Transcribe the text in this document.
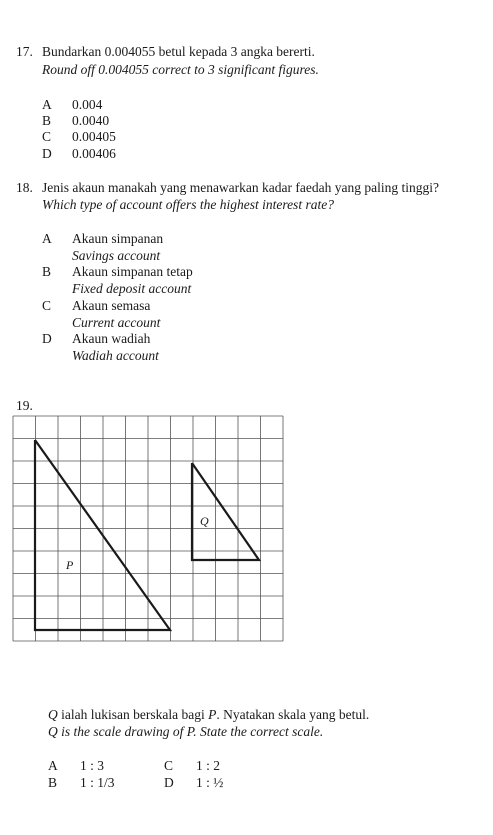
17. Bundarkan 0.004055 betul kepada 3 angka bererti.
Round off 0.004055 correct to 3 significant figures.
A 0.004
B 0.0040
C 0.00405
D 0.00406
18. Jenis akaun manakah yang menawarkan kadar faedah yang paling tinggi?
Which type of account offers the highest interest rate?
A Akaun simpanan
Savings account
B Akaun simpanan tetap
Fixed deposit account
C Akaun semasa
Current account
D Akaun wadiah
Wadiah account
19.
P
Q
Q ialah lukisan berskala bagi P. Nyatakan skala yang betul.
Q is the scale drawing of P. State the correct scale.
A 1 : 3	C 1 : 2
B 1 : 1/3	D 1 : ½
